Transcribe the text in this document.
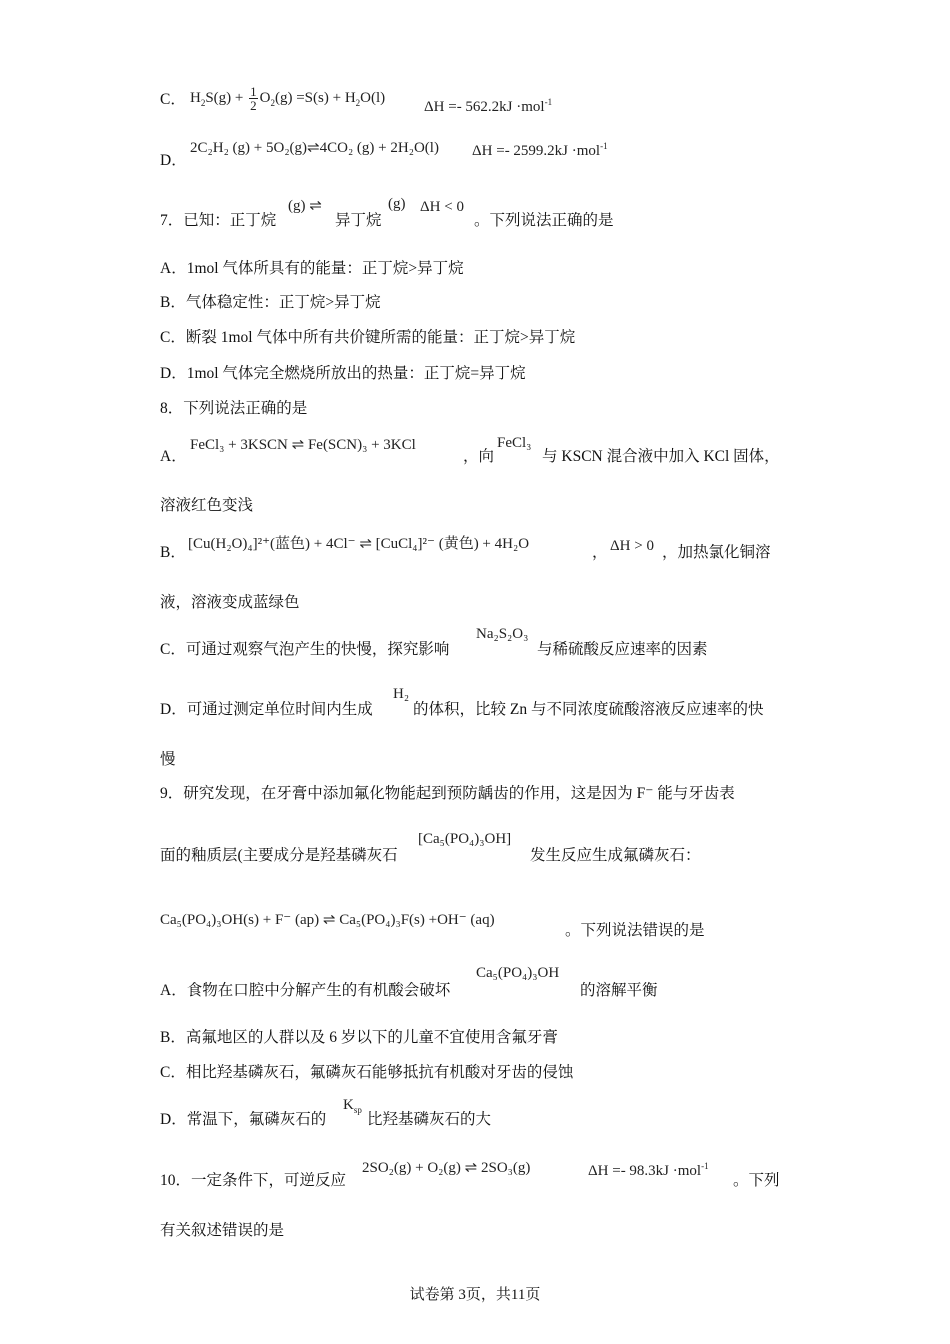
C． $H_2S(g) + \frac{1}{2} O_2(g) =S(s) + H_2O(l)$
ΔH =- 562.2kJ ·mol$^{-1}$
D．
2C₂H₂ (g) + 5O₂(g)⇌4CO₂ (g) + 2H₂O(l) ΔH =- 2599.2kJ ·mol$^{-1}$
7．已知：正丁烷
(g) ⇌
异丁烷
(g) ΔH < 0
。下列说法正确的是
A．1mol 气体所具有的能量：正丁烷>异丁烷
B．气体稳定性：正丁烷>异丁烷
C．断裂 1mol 气体中所有共价键所需的能量：正丁烷>异丁烷
D．1mol 气体完全燃烧所放出的热量：正丁烷=异丁烷
8．下列说法正确的是
A．
FeCl₃ + 3KSCN ⇌ Fe(SCN)₃ + 3KCl
，向
FeCl₃
与 KSCN 混合液中加入 KCl 固体，
溶液红色变浅
B． [Cu(H₂O)₄]²⁺(蓝色) + 4Cl⁻ ⇌ [CuCl₄]²⁻ (黄色) + 4H₂O	， ΔH > 0 ，加热氯化铜溶
液，溶液变成蓝绿色
C．可通过观察气泡产生的快慢，探究影响
Na₂S₂O₃
与稀硫酸反应速率的因素
D．可通过测定单位时间内生成
H₂
的体积，比较 Zn 与不同浓度硫酸溶液反应速率的快
慢
9．研究发现，在牙膏中添加氟化物能起到预防龋齿的作用，这是因为 F⁻ 能与牙齿表
面的釉质层(主要成分是羟基磷灰石
[Ca₅(PO₄)₃OH]
发生反应生成氟磷灰石：
Ca₅(PO₄)₃OH(s) + F⁻ (ap) ⇌ Ca₅(PO₄)₃F(s) +OH⁻ (aq)
。下列说法错误的是
A．食物在口腔中分解产生的有机酸会破坏
Ca₅(PO₄)₃OH
的溶解平衡
B．高氟地区的人群以及 6 岁以下的儿童不宜使用含氟牙膏
C．相比羟基磷灰石，氟磷灰石能够抵抗有机酸对牙齿的侵蚀
D．常温下，氟磷灰石的
$K_{sp}$
比羟基磷灰石的大
10．一定条件下，可逆反应
2SO₂(g) + O₂(g) ⇌ 2SO₃(g)	ΔH =- 98.3kJ ·mol$^{-1}$
。下列
有关叙述错误的是
试卷第 3页，共11页
